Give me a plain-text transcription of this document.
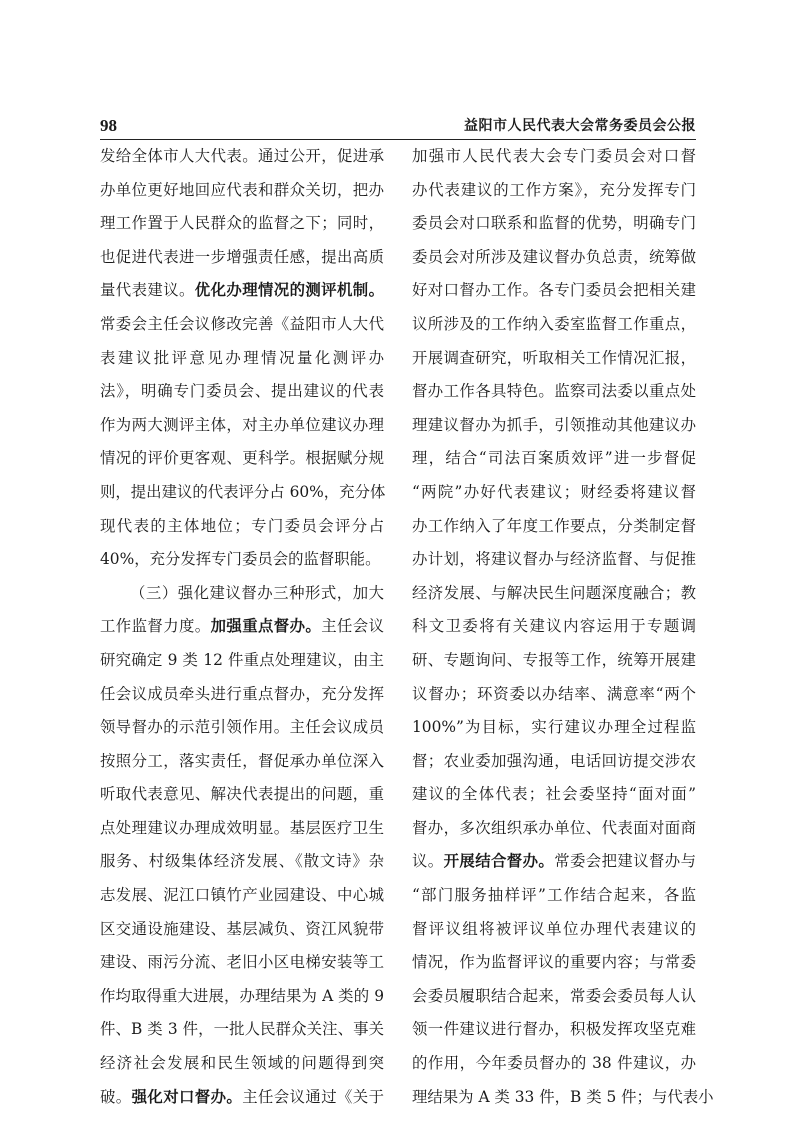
98	益阳市人民代表大会常务委员会公报
发给全体市人大代表。通过公开，促进承
办单位更好地回应代表和群众关切，把办
理工作置于人民群众的监督之下；同时，
也促进代表进一步增强责任感，提出高质
量代表建议。优化办理情况的测评机制。
常委会主任会议修改完善《益阳市人大代
表建议批评意见办理情况量化测评办
法》，明确专门委员会、提出建议的代表
作为两大测评主体，对主办单位建议办理
情况的评价更客观、更科学。根据赋分规
则，提出建议的代表评分占 60%，充分体
现代表的主体地位；专门委员会评分占
40%，充分发挥专门委员会的监督职能。
（三）强化建议督办三种形式，加大
工作监督力度。加强重点督办。主任会议
研究确定 9 类 12 件重点处理建议，由主
任会议成员牵头进行重点督办，充分发挥
领导督办的示范引领作用。主任会议成员
按照分工，落实责任，督促承办单位深入
听取代表意见、解决代表提出的问题，重
点处理建议办理成效明显。基层医疗卫生
服务、村级集体经济发展、《散文诗》杂
志发展、泥江口镇竹产业园建设、中心城
区交通设施建设、基层减负、资江风貌带
建设、雨污分流、老旧小区电梯安装等工
作均取得重大进展，办理结果为 A 类的 9
件、B 类 3 件，一批人民群众关注、事关
经济社会发展和民生领域的问题得到突
破。强化对口督办。主任会议通过《关于
加强市人民代表大会专门委员会对口督
办代表建议的工作方案》，充分发挥专门
委员会对口联系和监督的优势，明确专门
委员会对所涉及建议督办负总责，统筹做
好对口督办工作。各专门委员会把相关建
议所涉及的工作纳入委室监督工作重点，
开展调查研究，听取相关工作情况汇报，
督办工作各具特色。监察司法委以重点处
理建议督办为抓手，引领推动其他建议办
理，结合“司法百案质效评”进一步督促
“两院”办好代表建议；财经委将建议督
办工作纳入了年度工作要点，分类制定督
办计划，将建议督办与经济监督、与促推
经济发展、与解决民生问题深度融合；教
科文卫委将有关建议内容运用于专题调
研、专题询问、专报等工作，统筹开展建
议督办；环资委以办结率、满意率“两个
100%”为目标，实行建议办理全过程监
督；农业委加强沟通，电话回访提交涉农
建议的全体代表；社会委坚持“面对面”
督办，多次组织承办单位、代表面对面商
议。开展结合督办。常委会把建议督办与
“部门服务抽样评”工作结合起来，各监
督评议组将被评议单位办理代表建议的
情况，作为监督评议的重要内容；与常委
会委员履职结合起来，常委会委员每人认
领一件建议进行督办，积极发挥攻坚克难
的作用，今年委员督办的 38 件建议，办
理结果为 A 类 33 件，B 类 5 件；与代表小
